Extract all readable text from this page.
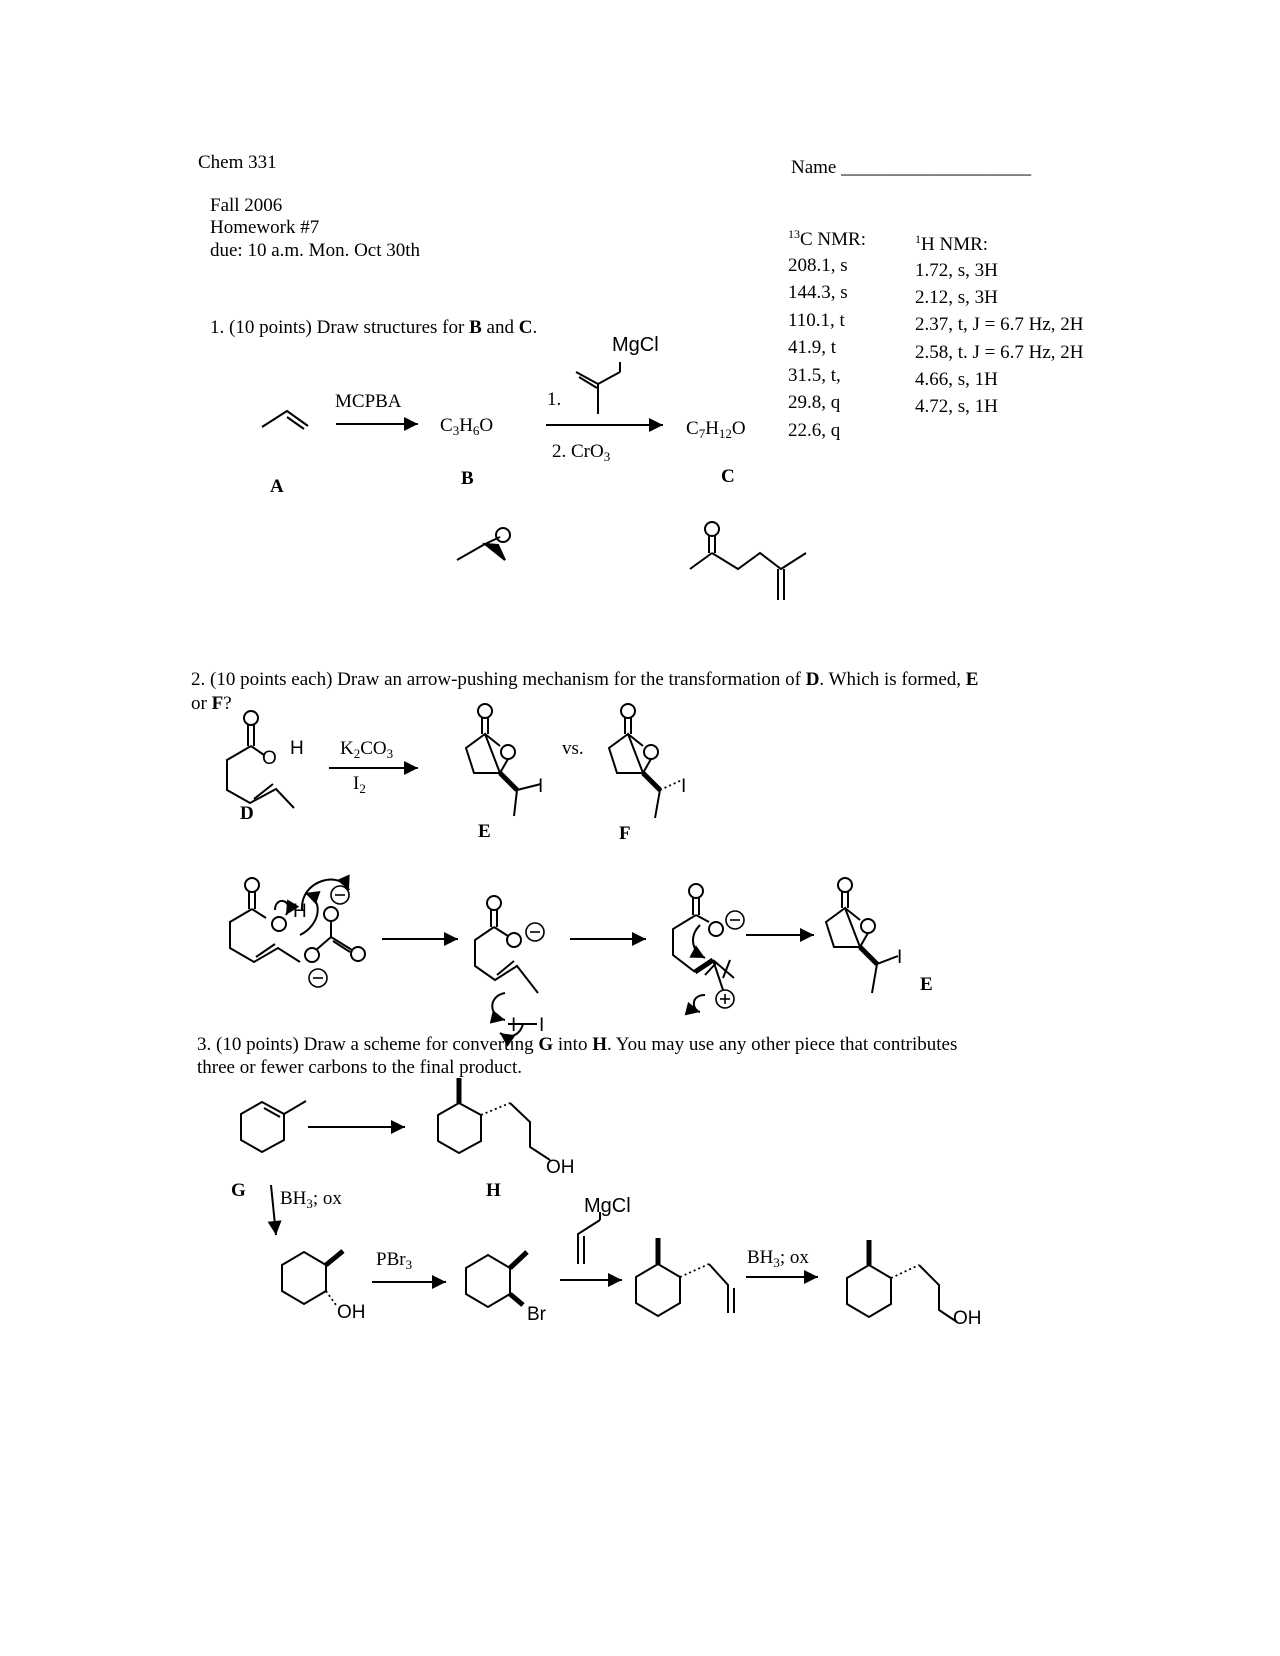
Chem 331	Name ____________________
Fall 2006
Homework #7
due: 10 a.m. Mon. Oct 30th
$^{13}$C NMR:
208.1, s
144.3, s
110.1, t
41.9, t
31.5, t,
29.8, q
22.6, q
$^1$H NMR:
1.72, s, 3H
2.12, s, 3H
2.37, t, J = 6.7 Hz, 2H
2.58, t. J = 6.7 Hz, 2H
4.66, s, 1H
4.72, s, 1H
1. (10 points) Draw structures for B and C.
MCPBA
$C_3H_6O$
1.
MgCl
2. CrO$_3$
$C_7H_{12}O$
A	B	C
2. (10 points each) Draw an arrow-pushing mechanism for the transformation of D. Which is formed, E
or F?
$K_2CO_3$
$I_2$
vs.
D
E	F
E
3. (10 points) Draw a scheme for converting G into H. You may use any other piece that contributes
three or fewer carbons to the final product.
G	H
$BH_3$; ox
PBr$_3$
MgCl
$BH_3$; ox
O H
I	I
H
I I
I
OH
OH	Br	OH
